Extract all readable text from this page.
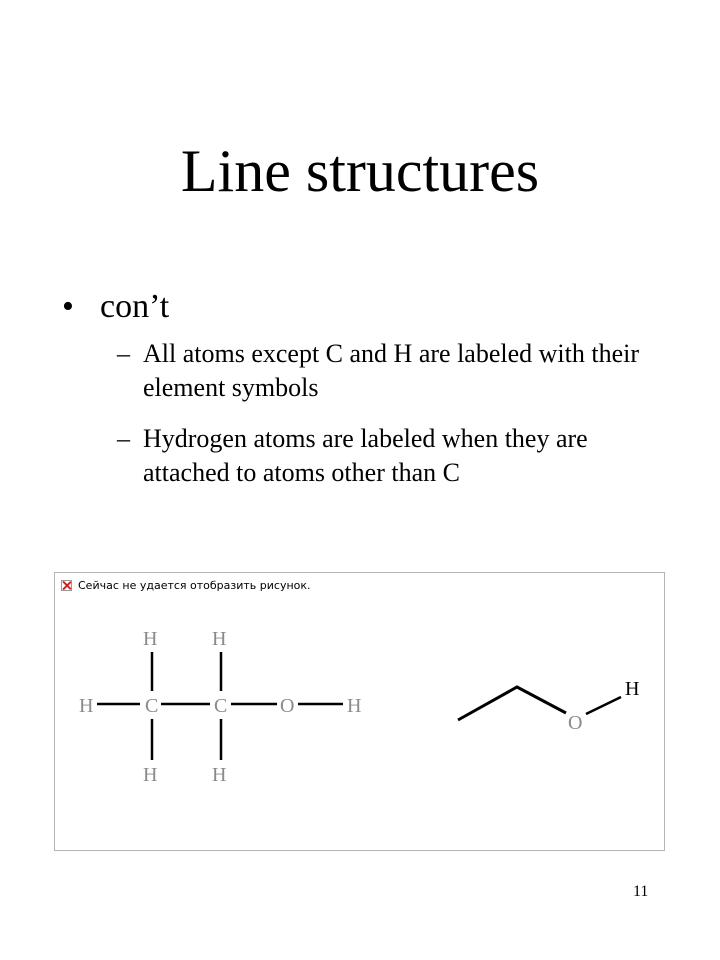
Line structures
• con’t
– All atoms except C and H are labeled with their element symbols
– Hydrogen atoms are labeled when they are attached to atoms other than C
Сейчас не удается отобразить рисунок.
H	H
H	C	C	O	H
H	H
O
H
11
